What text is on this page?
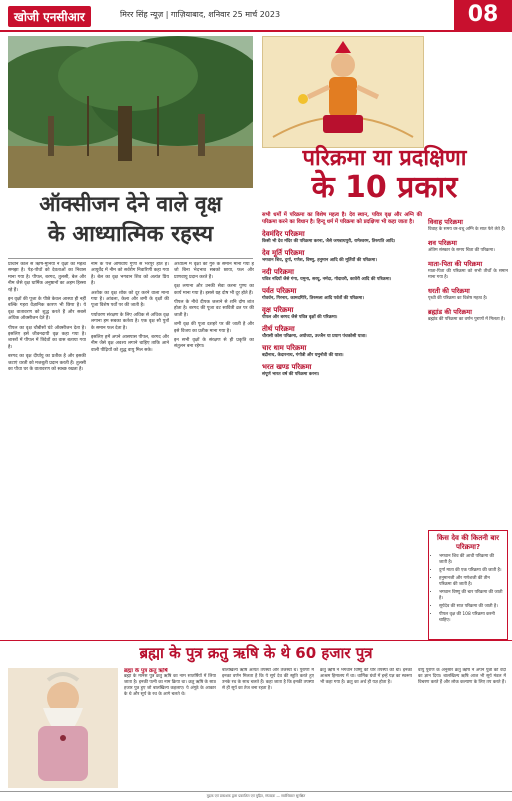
खोजी एनसीआर	मिरर सिंह न्यूज़ | गाज़ियाबाद, शनिवार 25 मार्च 2023	08
ऑक्सीजन देने वाले वृक्ष
के आध्यात्मिक रहस्य

प्राचीन काल से ऋषि-मुनियों ने वृक्षों का महत्व समझा है। पेड़-पौधों को देवताओं का निवास माना गया है। पीपल, बरगद, तुलसी, बेल और नीम जैसे वृक्ष धार्मिक अनुष्ठानों का अहम हिस्सा रहे हैं।

इन वृक्षों की पूजा के पीछे केवल आस्था ही नहीं बल्कि गहरा वैज्ञानिक कारण भी छिपा है। ये वृक्ष वातावरण को शुद्ध करते हैं और सबसे अधिक ऑक्सीजन देते हैं।

पीपल का वृक्ष चौबीसों घंटे ऑक्सीजन देता है। इसलिए इसे जीवनदायी वृक्ष कहा गया है। शास्त्रों में पीपल में त्रिदेवों का वास बताया गया है।

बरगद का वृक्ष दीर्घायु का प्रतीक है और इसकी जटाएं धरती को मजबूती प्रदान करती हैं। तुलसी का पौधा घर के वातावरण को स्वच्छ रखता है।

नीम के पत्ते औषधीय गुणों से भरपूर होते हैं। आयुर्वेद में नीम को सर्वरोग निवारिणी कहा गया है। बेल का वृक्ष भगवान शिव को अत्यंत प्रिय है।

अशोक का वृक्ष शोक को दूर करने वाला माना गया है। आंवला, केला और शमी के वृक्षों की पूजा विशेष पर्वों पर की जाती है।

पर्यावरण संरक्षण के लिए अधिक से अधिक वृक्ष लगाना हम सबका कर्तव्य है। एक वृक्ष सौ पुत्रों के समान फल देता है।

इसलिए हमें अपने आसपास पीपल, बरगद और नीम जैसे वृक्ष अवश्य लगाने चाहिए ताकि आने वाली पीढ़ियों को शुद्ध वायु मिल सके।

अध्यात्म में वृक्षों को गुरु के समान माना गया है जो बिना भेदभाव सबको छाया, फल और प्राणवायु प्रदान करते हैं।

वृक्ष लगाना और उनकी सेवा करना पुण्य का कार्य माना गया है। इससे ग्रह दोष भी दूर होते हैं।

पीपल के नीचे दीपक जलाने से शनि दोष शांत होता है। बरगद की पूजा वट सावित्री व्रत पर की जाती है।

शमी वृक्ष की पूजा दशहरे पर की जाती है और इसे विजय का प्रतीक माना गया है।

इन सभी वृक्षों के संरक्षण से ही प्रकृति का संतुलन बना रहेगा।

परिक्रमा या प्रदक्षिणा
के 10 प्रकार
सभी धर्मों में परिक्रमा का विशेष महत्व है। देव स्थान, पवित्र वृक्ष और अग्नि की परिक्रमा करने का विधान है। हिन्दू धर्म में परिक्रमा को प्रदक्षिणा भी कहा जाता है।
देवमंदिर परिक्रमा
किसी भी देव मंदिर की परिक्रमा करना, जैसे जगन्नाथपुरी, रामेश्वरम, तिरुपति आदि।
देव मूर्ति परिक्रमा
भगवान शिव, दुर्गा, गणेश, विष्णु, हनुमान आदि की मूर्तियों की परिक्रमा।
नदी परिक्रमा
पवित्र नदियों जैसे गंगा, यमुना, सरयू, नर्मदा, गोदावरी, कावेरी आदि की परिक्रमा।
पर्वत परिक्रमा
गोवर्धन, गिरनार, कामदगिरि, तिरुमला आदि पर्वतों की परिक्रमा।
वृक्ष परिक्रमा
पीपल और बरगद जैसे पवित्र वृक्षों की परिक्रमा।
तीर्थ परिक्रमा
चौरासी कोस परिक्रमा, अयोध्या, उज्जैन या प्रयाग पंचकोसी यात्रा।
चार धाम परिक्रमा
बद्रीनाथ, केदारनाथ, गंगोत्री और यमुनोत्री की यात्रा।
भरत खण्ड परिक्रमा
संपूर्ण भारत वर्ष की परिक्रमा करना।
विवाह परिक्रमा
विवाह के समय वर-वधू अग्नि के सात फेरे लेते हैं।
शव परिक्रमा
अंतिम संस्कार के समय चिता की परिक्रमा।
माता-पिता की परिक्रमा
माता-पिता की परिक्रमा को सभी तीर्थों के समान माना गया है।
धरती की परिक्रमा
पृथ्वी की परिक्रमा का विशेष महत्व है।
ब्रह्मांड की परिक्रमा
ब्रह्मांड की परिक्रमा का वर्णन पुराणों में मिलता है।
किस देव की कितनी बार परिक्रमा?
• भगवान शिव की आधी परिक्रमा की जाती है।
• दुर्गा माता की एक परिक्रमा की जाती है।
• हनुमानजी और गणेशजी की तीन परिक्रमा की जाती है।
• भगवान विष्णु की चार परिक्रमा की जाती है।
• सूर्यदेव की सात परिक्रमा की जाती है।
• पीपल वृक्ष की 108 परिक्रमा करनी चाहिए।
ब्रह्मा के पुत्र क्रतु ऋषि के थे 60 हजार पुत्र
ब्रह्मा के पुत्र क्रतु ऋषि
ब्रह्मा के मानस पुत्र क्रतु ऋषि का नाम सप्तर्षियों में लिया जाता है। इनकी पत्नी का नाम क्रिया था। क्रतु ऋषि के साठ हजार पुत्र हुए जो बालखिल्य कहलाए। ये अंगूठे के आकार के थे और सूर्य के रथ के आगे चलते थे।
बालखिल्य ऋषि अत्यंत तपस्वी और तेजस्वी थे। पुराणों में इनका वर्णन मिलता है कि ये सूर्य देव की स्तुति करते हुए उनके रथ के साथ चलते हैं। कहा जाता है कि इनकी तपस्या से ही सूर्य का तेज बना रहता है।
क्रतु ऋषि ने भगवान विष्णु की घोर तपस्या की थी। इनका आश्रम हिमालय में था। धार्मिक ग्रंथों में इन्हें यज्ञ का स्वरूप भी कहा गया है। क्रतु का अर्थ ही यज्ञ होता है।
वायु पुराण के अनुसार क्रतु ऋषि ने अपने पुत्रों को वेदों का ज्ञान दिया। बालखिल्य ऋषि आज भी सूर्य मंडल में विचरण करते हैं और लोक कल्याण के लिए तप करते हैं।
मुद्रक एवं प्रकाशक द्वारा प्रकाशित एवं मुद्रित, संपादक — सर्वाधिकार सुरक्षित
